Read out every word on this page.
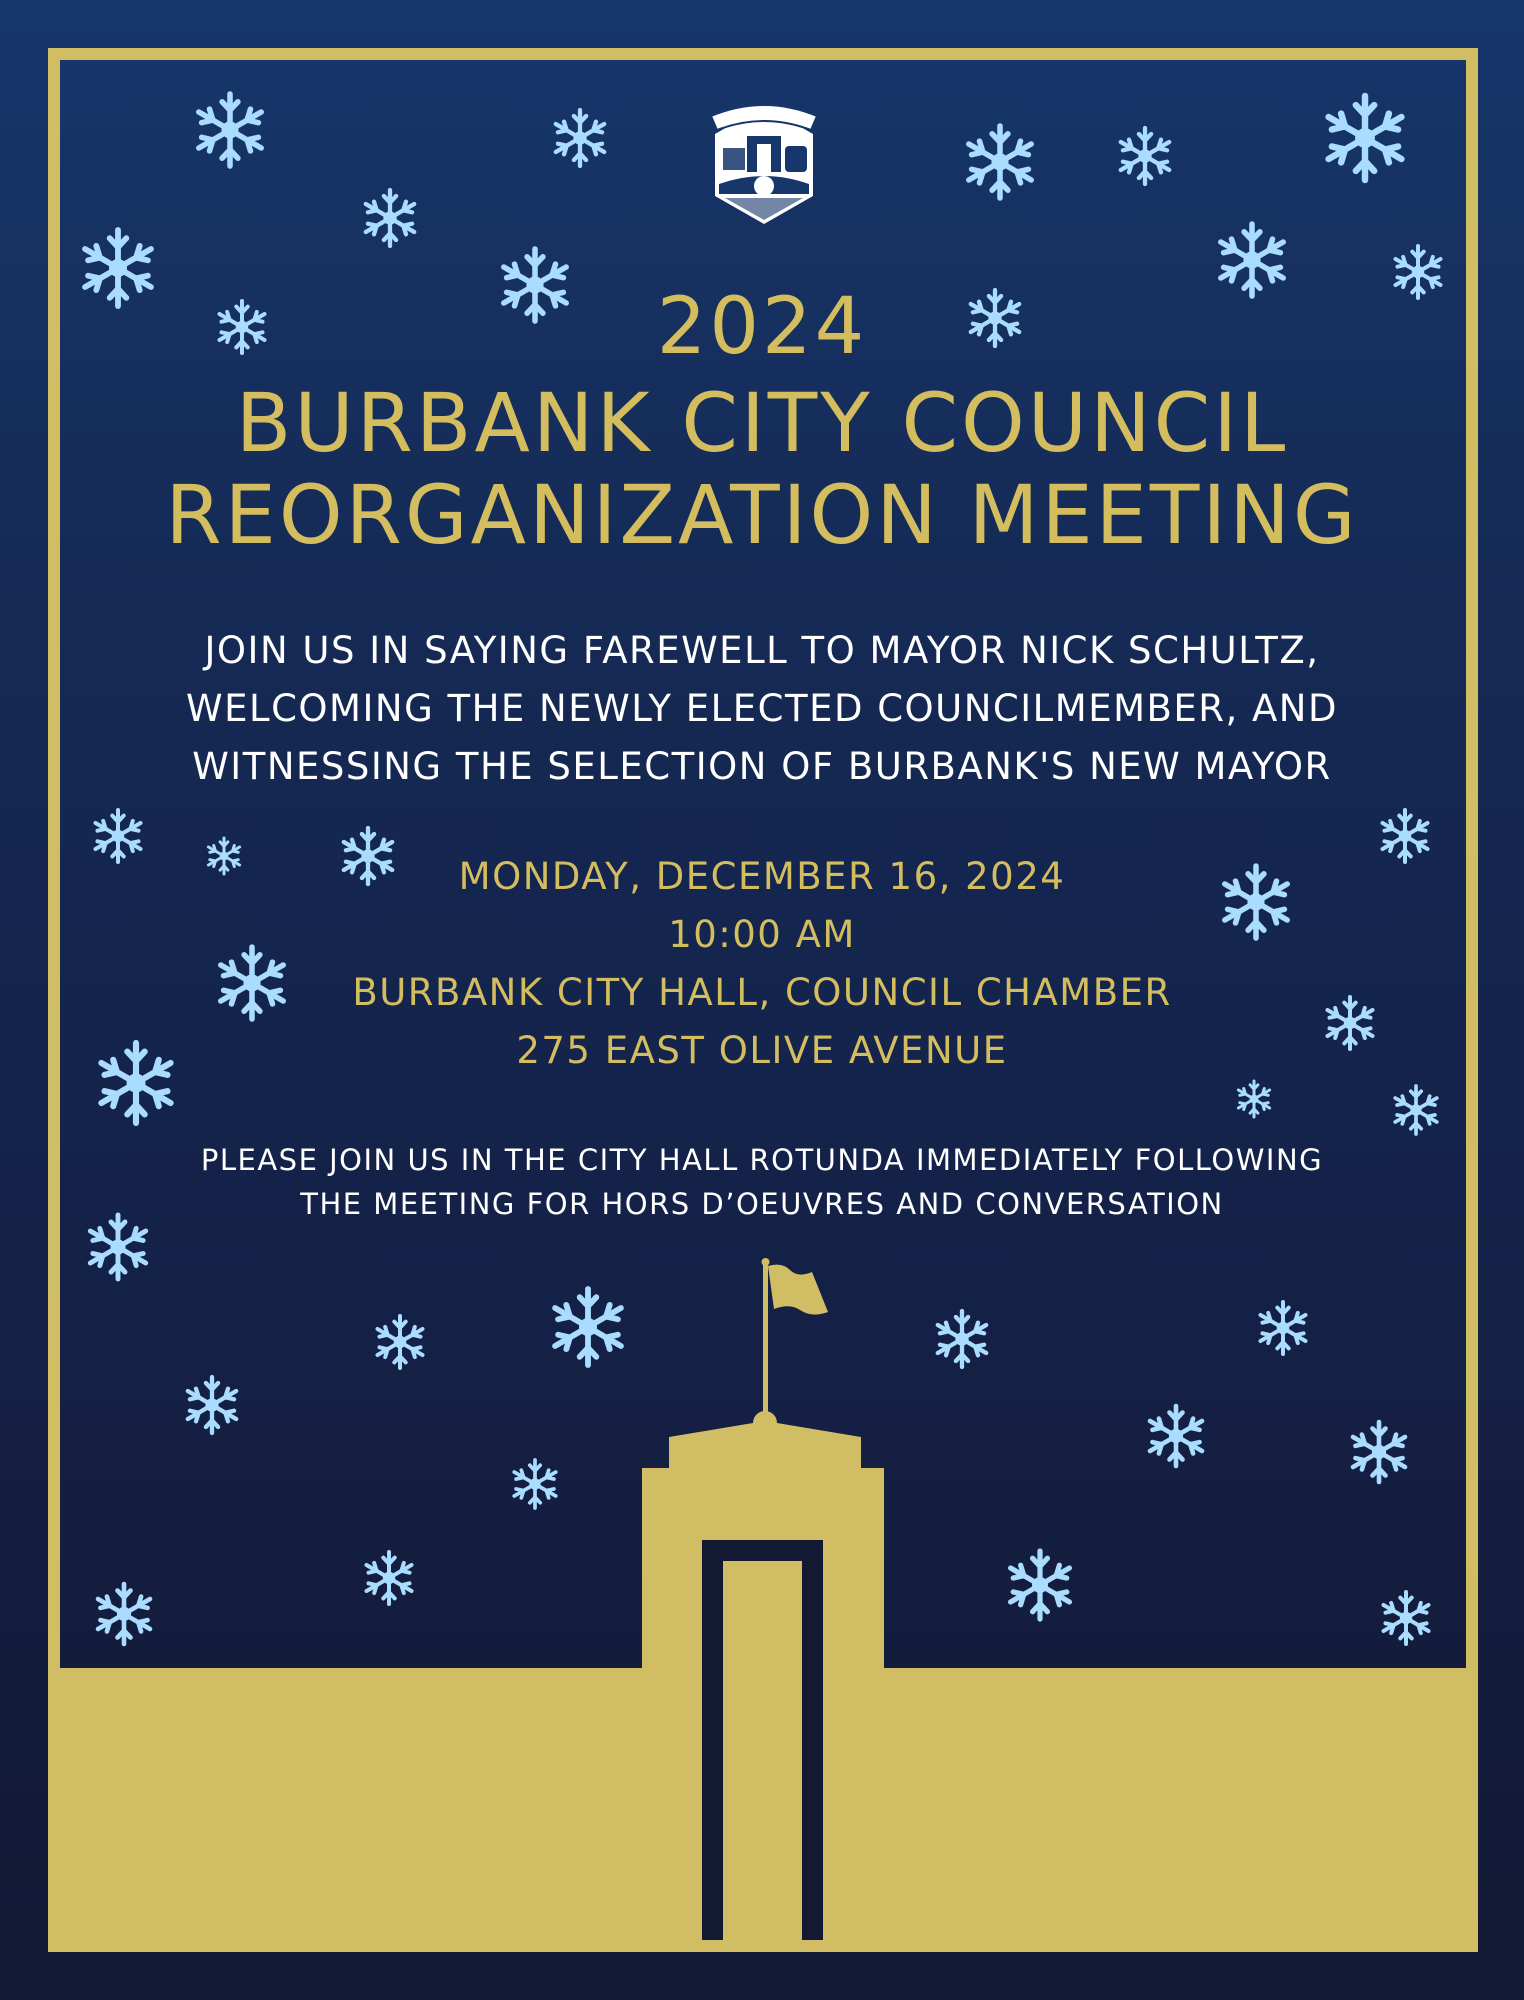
2024
BURBANK CITY COUNCIL
REORGANIZATION MEETING
JOIN US IN SAYING FAREWELL TO MAYOR NICK SCHULTZ,
WELCOMING THE NEWLY ELECTED COUNCILMEMBER, AND
WITNESSING THE SELECTION OF BURBANK'S NEW MAYOR
MONDAY, DECEMBER 16, 2024
10:00 AM
BURBANK CITY HALL, COUNCIL CHAMBER
275 EAST OLIVE AVENUE
PLEASE JOIN US IN THE CITY HALL ROTUNDA IMMEDIATELY FOLLOWING
THE MEETING FOR HORS D’OEUVRES AND CONVERSATION
